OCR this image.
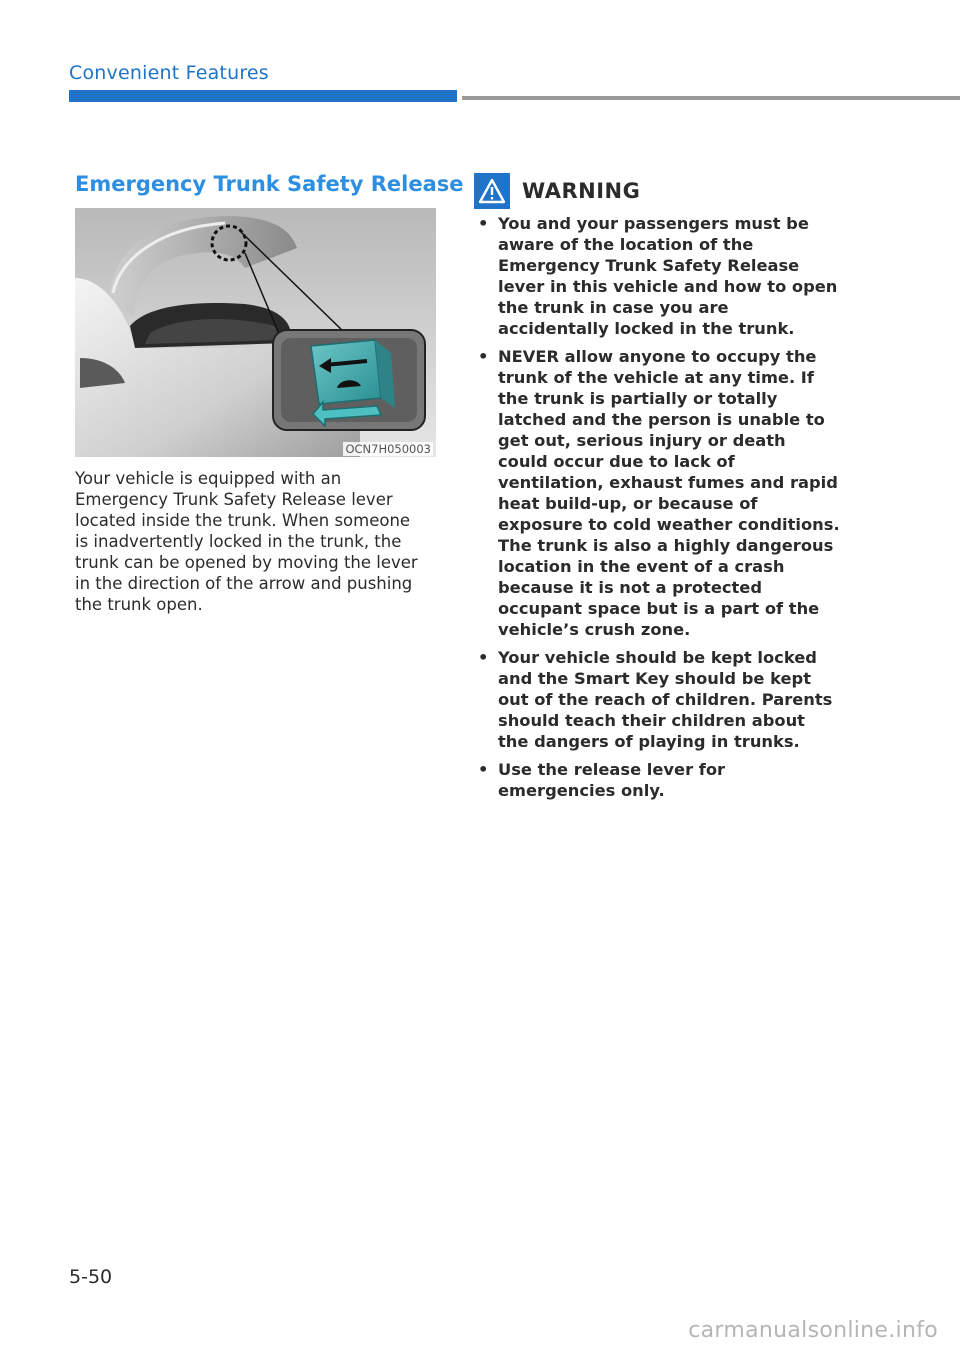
Convenient Features
Emergency Trunk Safety Release
OCN7H050003
Your vehicle is equipped with an
Emergency Trunk Safety Release lever
located inside the trunk. When someone
is inadvertently locked in the trunk, the
trunk can be opened by moving the lever
in the direction of the arrow and pushing
the trunk open.
WARNING
• You and your passengers must be aware of the location of the Emergency Trunk Safety Release lever in this vehicle and how to open the trunk in case you are accidentally locked in the trunk.
• NEVER allow anyone to occupy the trunk of the vehicle at any time. If the trunk is partially or totally latched and the person is unable to get out, serious injury or death could occur due to lack of ventilation, exhaust fumes and rapid heat build-up, or because of exposure to cold weather conditions. The trunk is also a highly dangerous location in the event of a crash because it is not a protected occupant space but is a part of the vehicle’s crush zone.
• Your vehicle should be kept locked and the Smart Key should be kept out of the reach of children. Parents should teach their children about the dangers of playing in trunks.
• Use the release lever for emergencies only.
5-50
carmanualsonline.info
